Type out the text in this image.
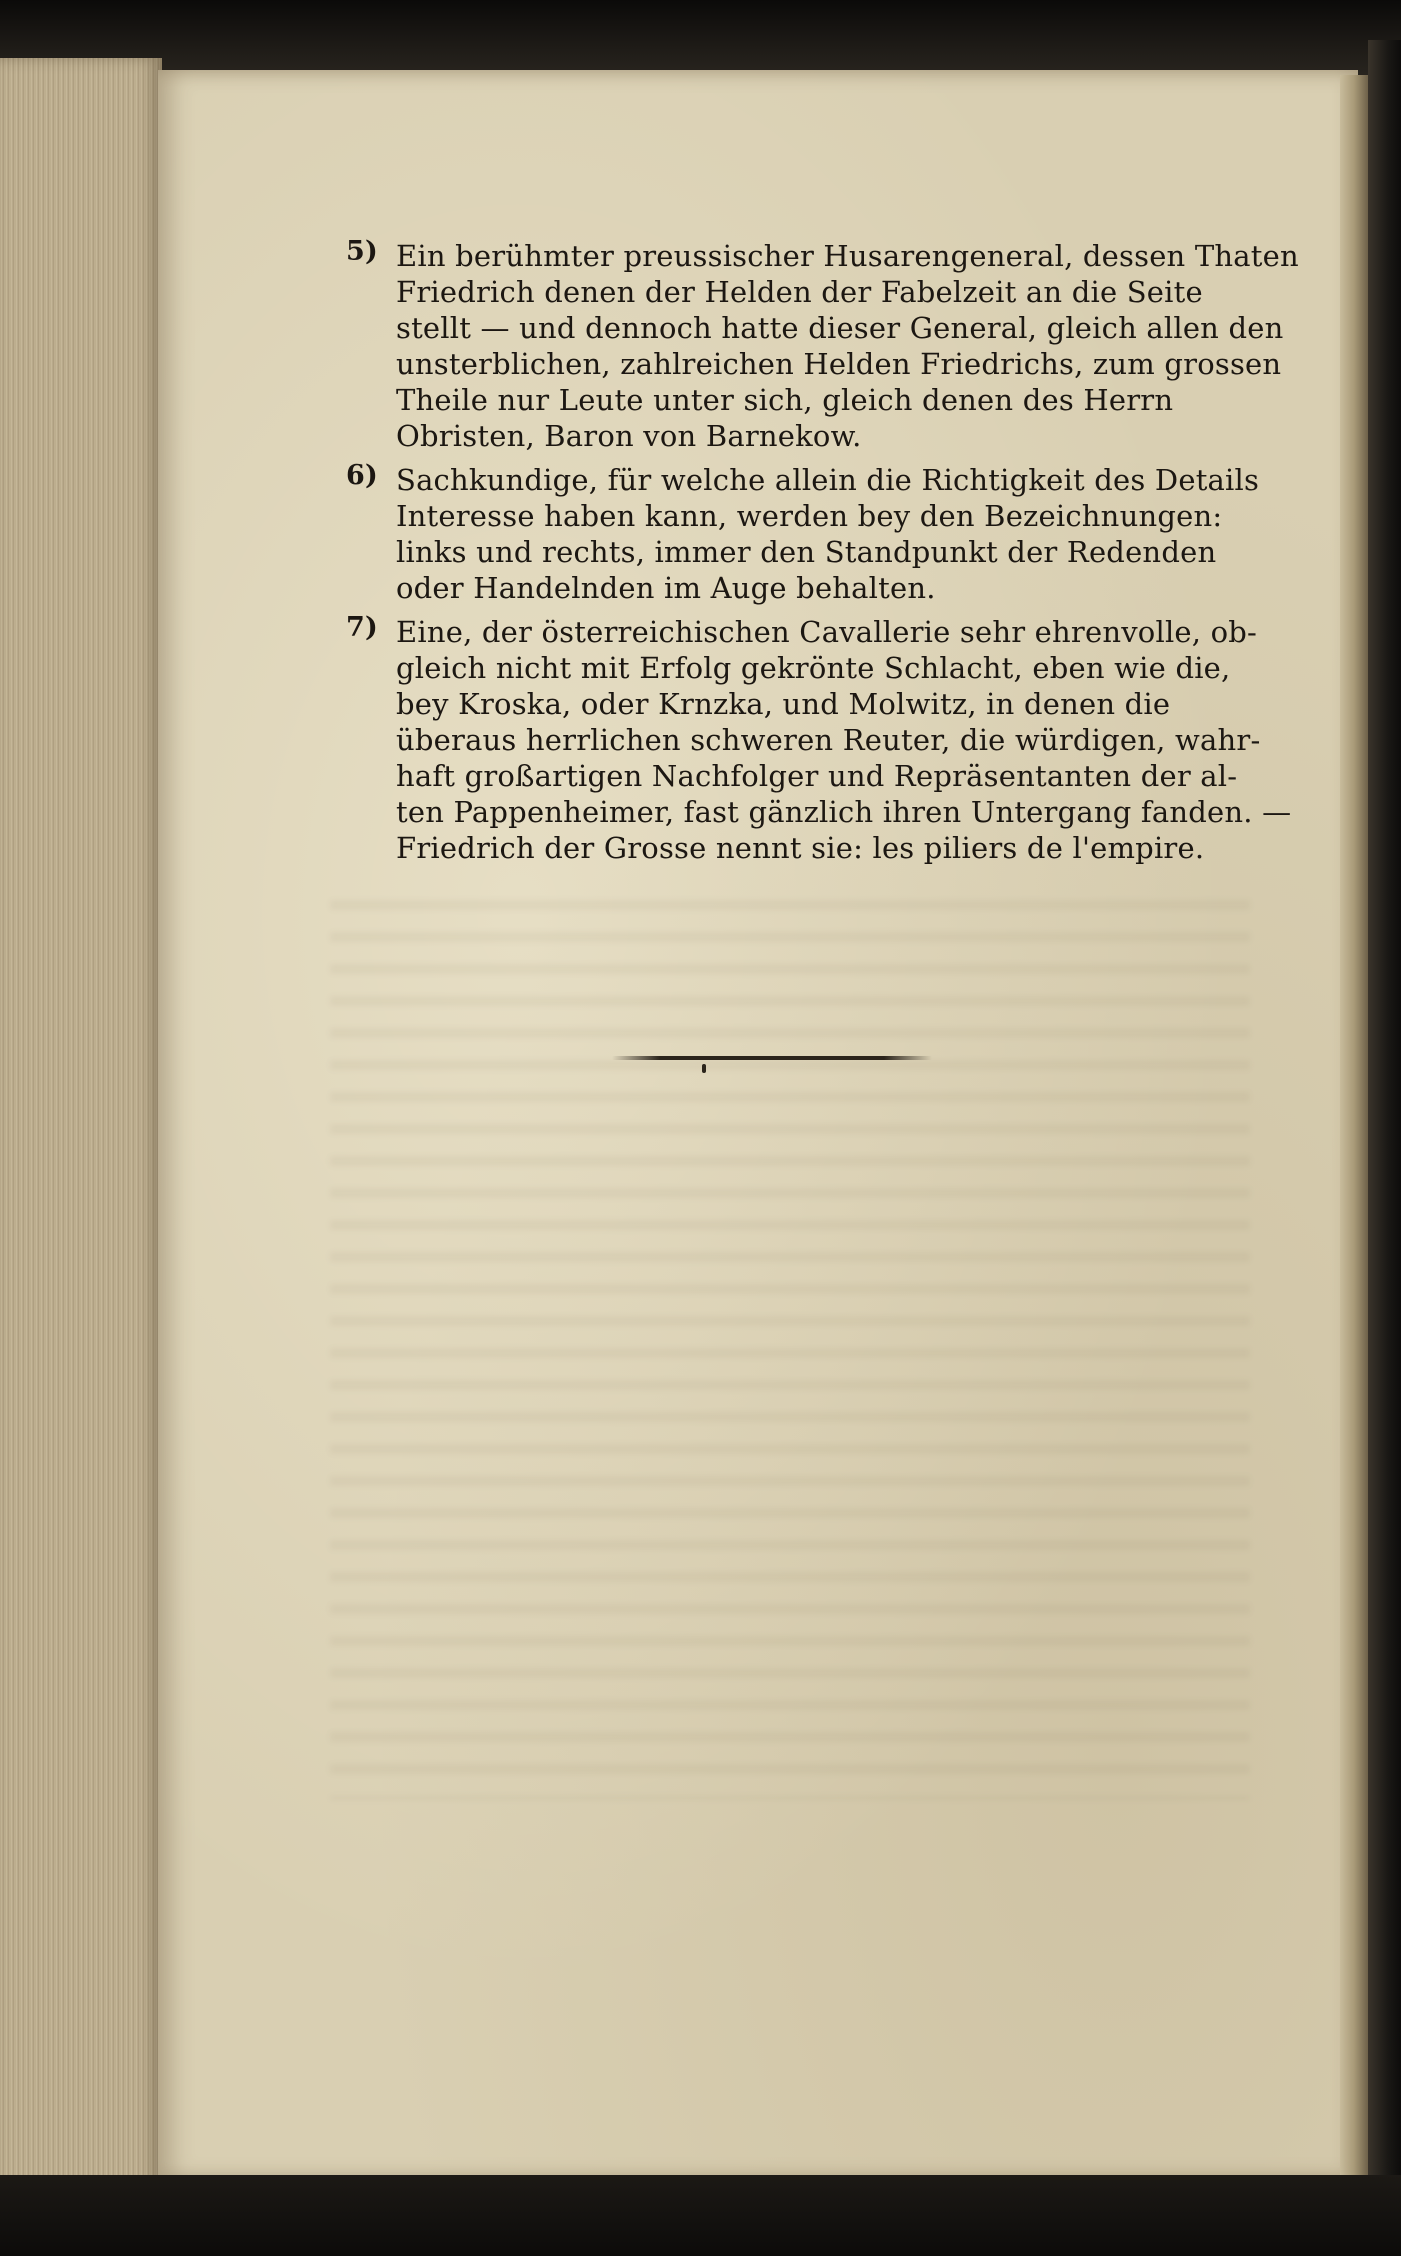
5) Ein berühmter preussischer Husarengeneral, dessen Thaten
Friedrich denen der Helden der Fabelzeit an die Seite
stellt — und dennoch hatte dieser General, gleich allen den
unsterblichen, zahlreichen Helden Friedrichs, zum grossen
Theile nur Leute unter sich, gleich denen des Herrn
Obristen, Baron von Barnekow.
6) Sachkundige, für welche allein die Richtigkeit des Details
Interesse haben kann, werden bey den Bezeichnungen:
links und rechts, immer den Standpunkt der Redenden
oder Handelnden im Auge behalten.
7) Eine, der österreichischen Cavallerie sehr ehrenvolle, ob-
gleich nicht mit Erfolg gekrönte Schlacht, eben wie die,
bey Kroska, oder Krnzka, und Molwitz, in denen die
überaus herrlichen schweren Reuter, die würdigen, wahr-
haft großartigen Nachfolger und Repräsentanten der al-
ten Pappenheimer, fast gänzlich ihren Untergang fanden. —
Friedrich der Grosse nennt sie: les piliers de l'empire.
